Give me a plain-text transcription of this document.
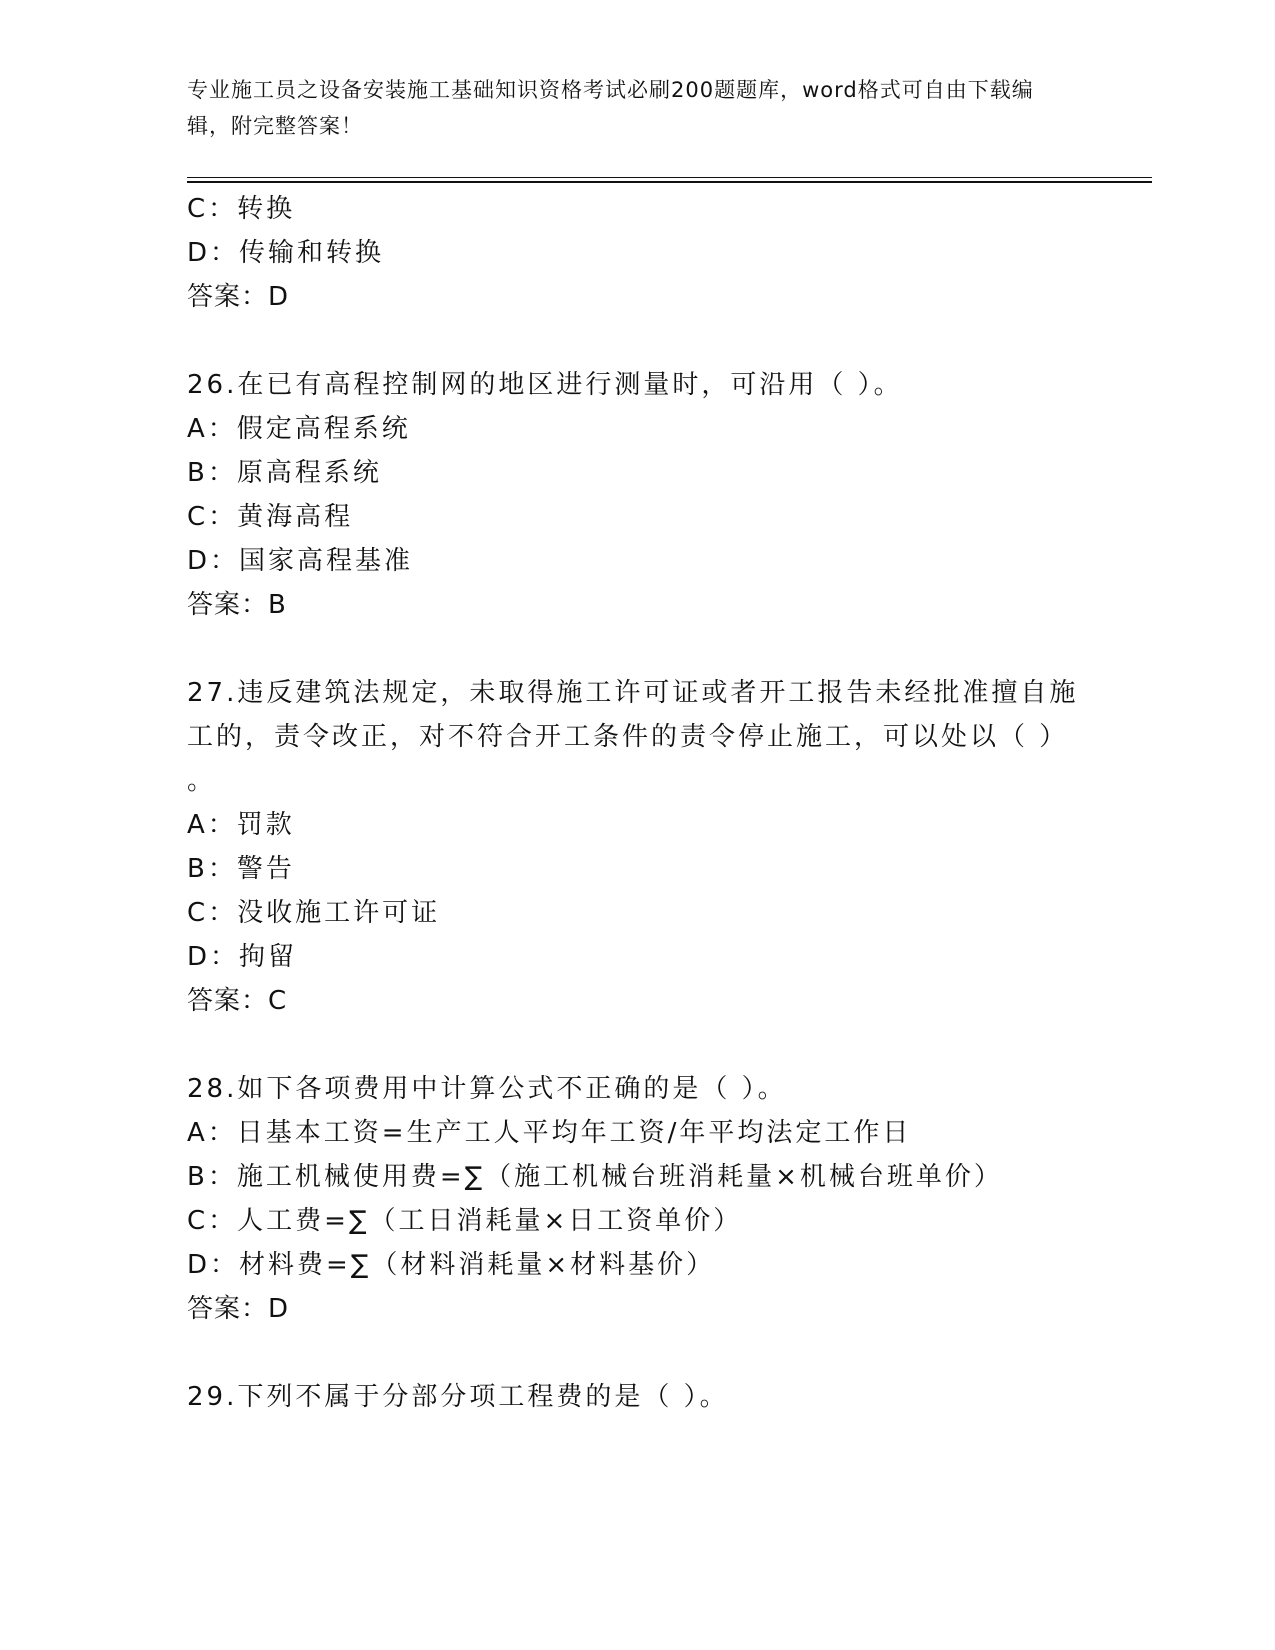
专业施工员之设备安装施工基础知识资格考试必刷200题题库，word格式可自由下载编辑，附完整答案！
C：转换
D：传输和转换
答案：D
26.在已有高程控制网的地区进行测量时，可沿用（ ）。
A：假定高程系统
B：原高程系统
C：黄海高程
D：国家高程基准
答案：B
27.违反建筑法规定，未取得施工许可证或者开工报告未经批准擅自施
工的，责令改正，对不符合开工条件的责令停止施工，可以处以（ ）
。
A：罚款
B：警告
C：没收施工许可证
D：拘留
答案：C
28.如下各项费用中计算公式不正确的是（ ）。
A：日基本工资=生产工人平均年工资/年平均法定工作日
B：施工机械使用费=∑（施工机械台班消耗量×机械台班单价）
C：人工费=∑（工日消耗量×日工资单价）
D：材料费=∑（材料消耗量×材料基价）
答案：D
29.下列不属于分部分项工程费的是（ ）。
